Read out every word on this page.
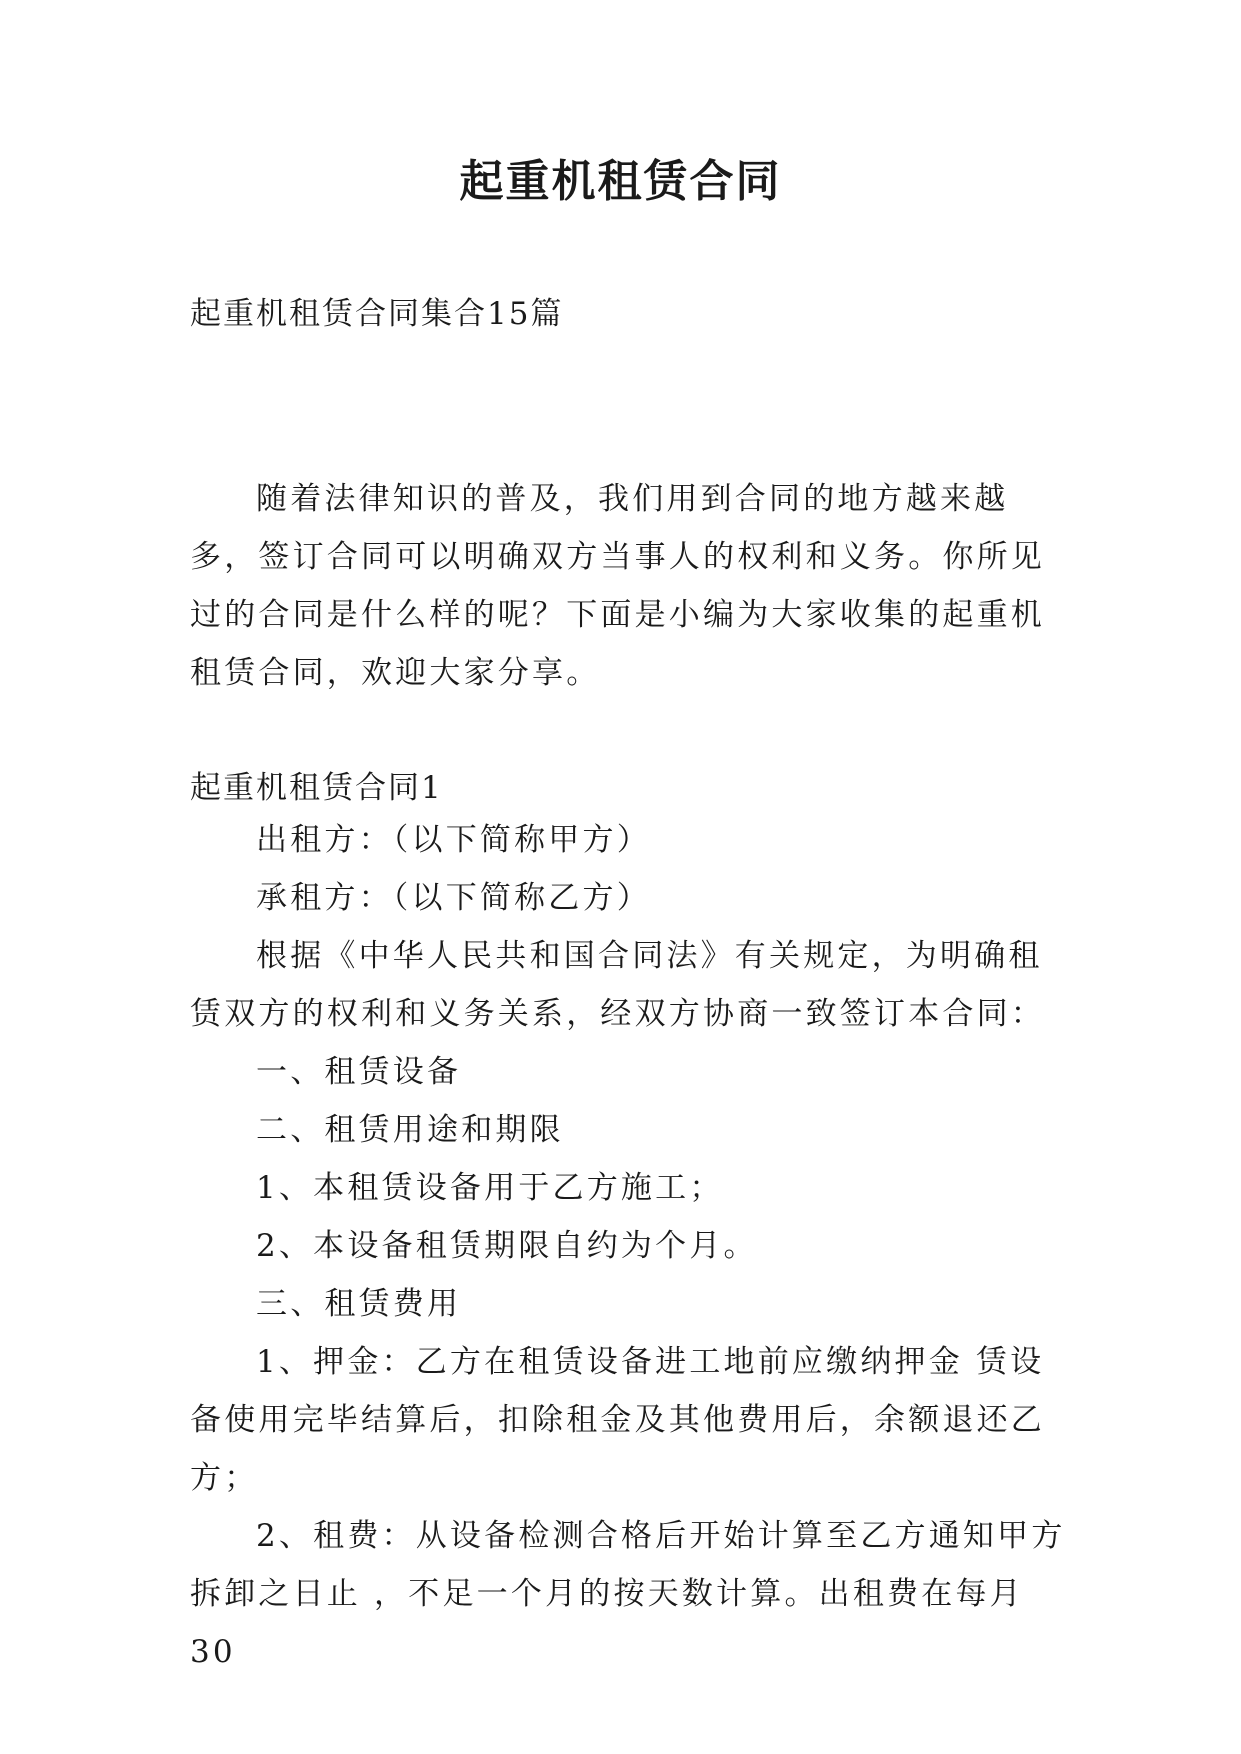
起重机租赁合同

起重机租赁合同集合15篇

随着法律知识的普及，我们用到合同的地方越来越多，签订合同可以明确双方当事人的权利和义务。你所见过的合同是什么样的呢？下面是小编为大家收集的起重机租赁合同，欢迎大家分享。

起重机租赁合同1

出租方：（以下简称甲方）

承租方：（以下简称乙方）

根据《中华人民共和国合同法》有关规定，为明确租赁双方的权利和义务关系，经双方协商一致签订本合同：

一、租赁设备

二、租赁用途和期限

1、本租赁设备用于乙方施工；

2、本设备租赁期限自约为个月。

三、租赁费用

1、押金：乙方在租赁设备进工地前应缴纳押金 赁设备使用完毕结算后，扣除租金及其他费用后，余额退还乙方；

2、租费：从设备检测合格后开始计算至乙方通知甲方拆卸之日止 ，不足一个月的按天数计算。出租费在每月 30
